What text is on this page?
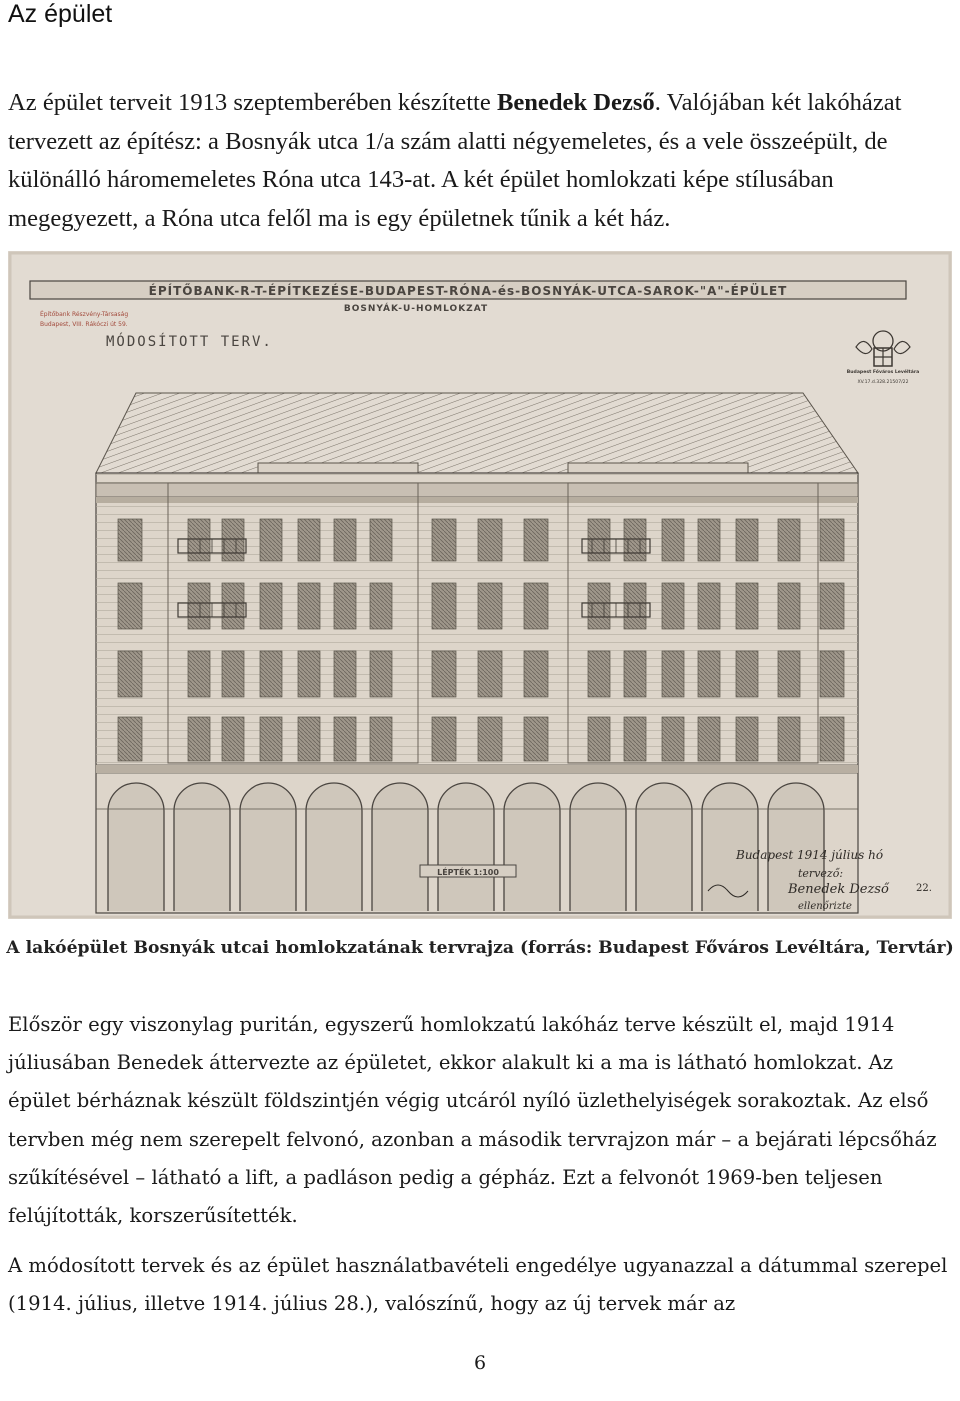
Az épület
Az épület terveit 1913 szeptemberében készítette Benedek Dezső. Valójában két lakóházat tervezett az építész: a Bosnyák utca 1/a szám alatti négyemeletes, és a vele összeépült, de különálló háromemeletes Róna utca 143-at. A két épület homlokzati képe stílusában megegyezett, a Róna utca felől ma is egy épületnek tűnik a két ház.
ÉPÍTŐBANK-R-T-ÉPÍTKEZÉSE-BUDAPEST-RÓNA-és-BOSNYÁK-UTCA-SAROK-"A"-ÉPÜLET
BOSNYÁK-U-HOMLOKZAT
Építőbank Részvény-Társaság
Budapest, VIII. Rákóczi út 59.
MÓDOSÍTOTT TERV.
Budapest Főváros Levéltára
XV.17.d.328.21507/22
LÉPTÉK 1:100
Budapest 1914 július hó
tervező:
Benedek Dezső
ellenőrizte
22.
A lakóépület Bosnyák utcai homlokzatának tervrajza (forrás: Budapest Főváros Levéltára, Tervtár)
Először egy viszonylag puritán, egyszerű homlokzatú lakóház terve készült el, majd 1914 júliusában Benedek áttervezte az épületet, ekkor alakult ki a ma is látható homlokzat. Az épület bérháznak készült földszintjén végig utcáról nyíló üzlethelyiségek sorakoztak. Az első tervben még nem szerepelt felvonó, azonban a második tervrajzon már – a bejárati lépcsőház szűkítésével – látható a lift, a padláson pedig a gépház. Ezt a felvonót 1969-ben teljesen felújították, korszerűsítették.
A módosított tervek és az épület használatbavételi engedélye ugyanazzal a dátummal szerepel (1914. július, illetve 1914. július 28.), valószínű, hogy az új tervek már az
6
